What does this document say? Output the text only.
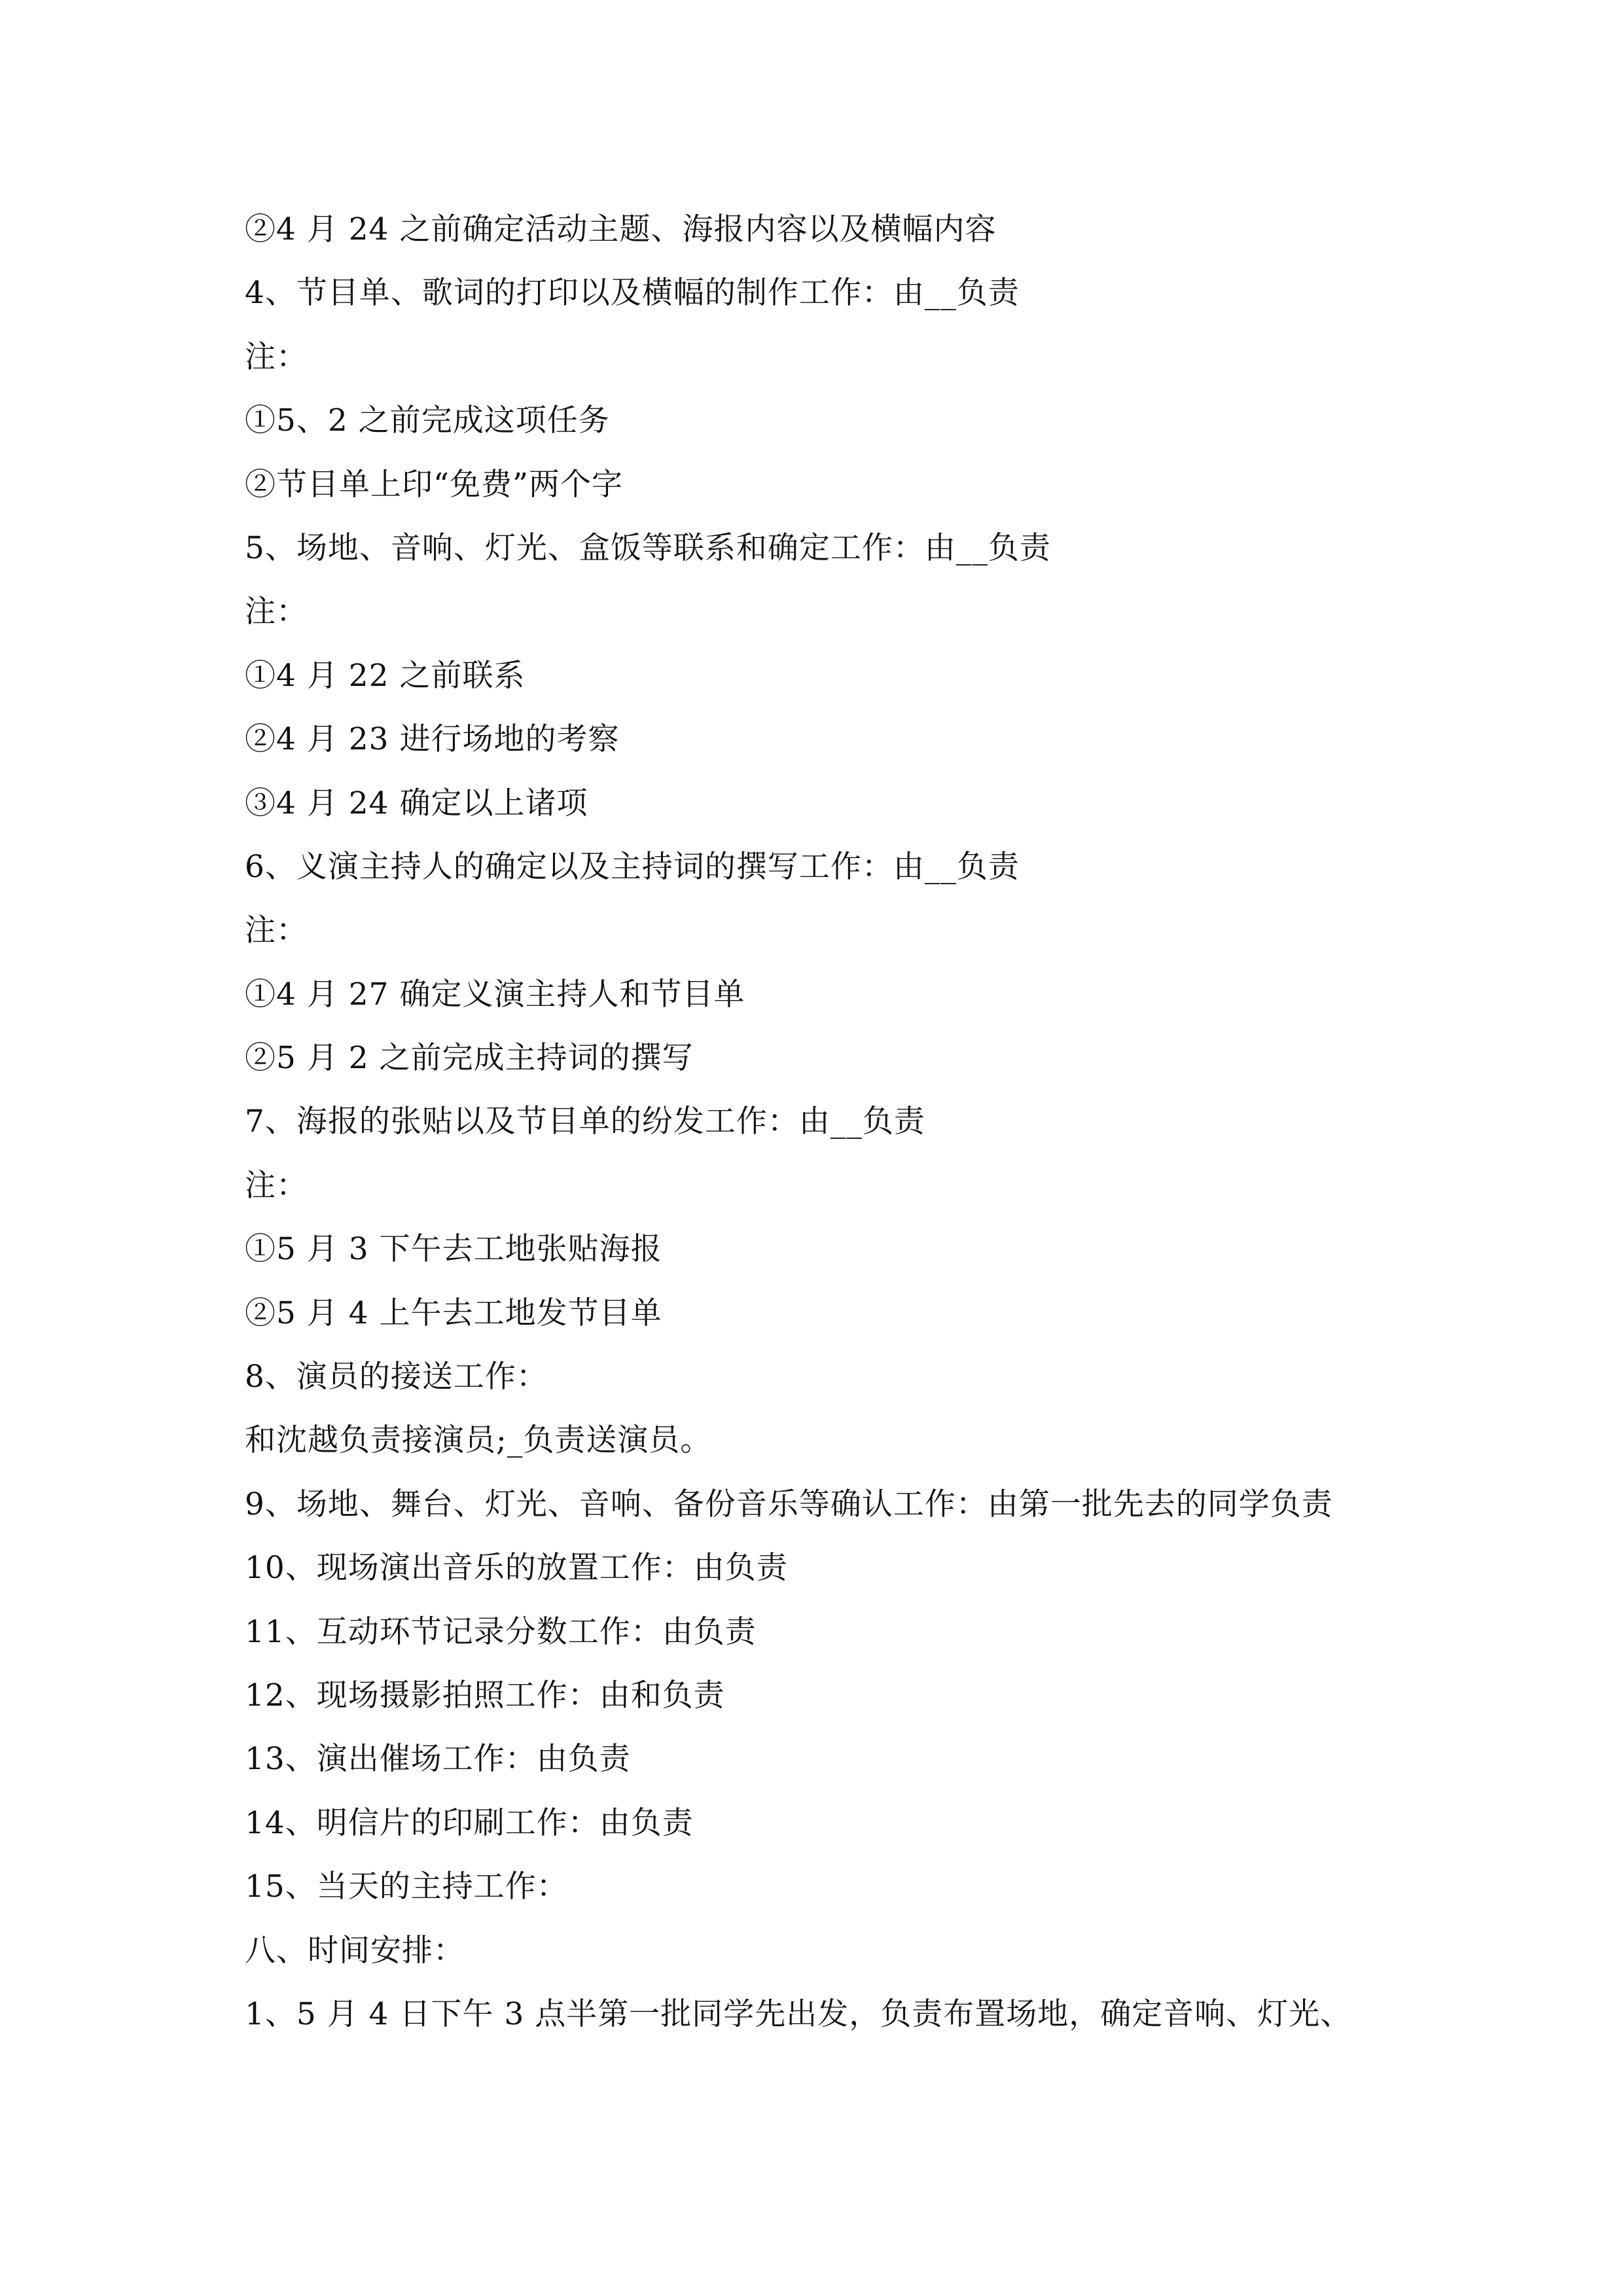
②4 月 24 之前确定活动主题、海报内容以及横幅内容
4、节目单、歌词的打印以及横幅的制作工作：由__负责
注：
①5、2 之前完成这项任务
②节目单上印“免费”两个字
5、场地、音响、灯光、盒饭等联系和确定工作：由__负责
注：
①4 月 22 之前联系
②4 月 23 进行场地的考察
③4 月 24 确定以上诸项
6、义演主持人的确定以及主持词的撰写工作：由__负责
注：
①4 月 27 确定义演主持人和节目单
②5 月 2 之前完成主持词的撰写
7、海报的张贴以及节目单的纷发工作：由__负责
注：
①5 月 3 下午去工地张贴海报
②5 月 4 上午去工地发节目单
8、演员的接送工作：
和沈越负责接演员;_负责送演员。
9、场地、舞台、灯光、音响、备份音乐等确认工作：由第一批先去的同学负责
10、现场演出音乐的放置工作：由负责
11、互动环节记录分数工作：由负责
12、现场摄影拍照工作：由和负责
13、演出催场工作：由负责
14、明信片的印刷工作：由负责
15、当天的主持工作：
八、时间安排：
1、5 月 4 日下午 3 点半第一批同学先出发，负责布置场地，确定音响、灯光、
